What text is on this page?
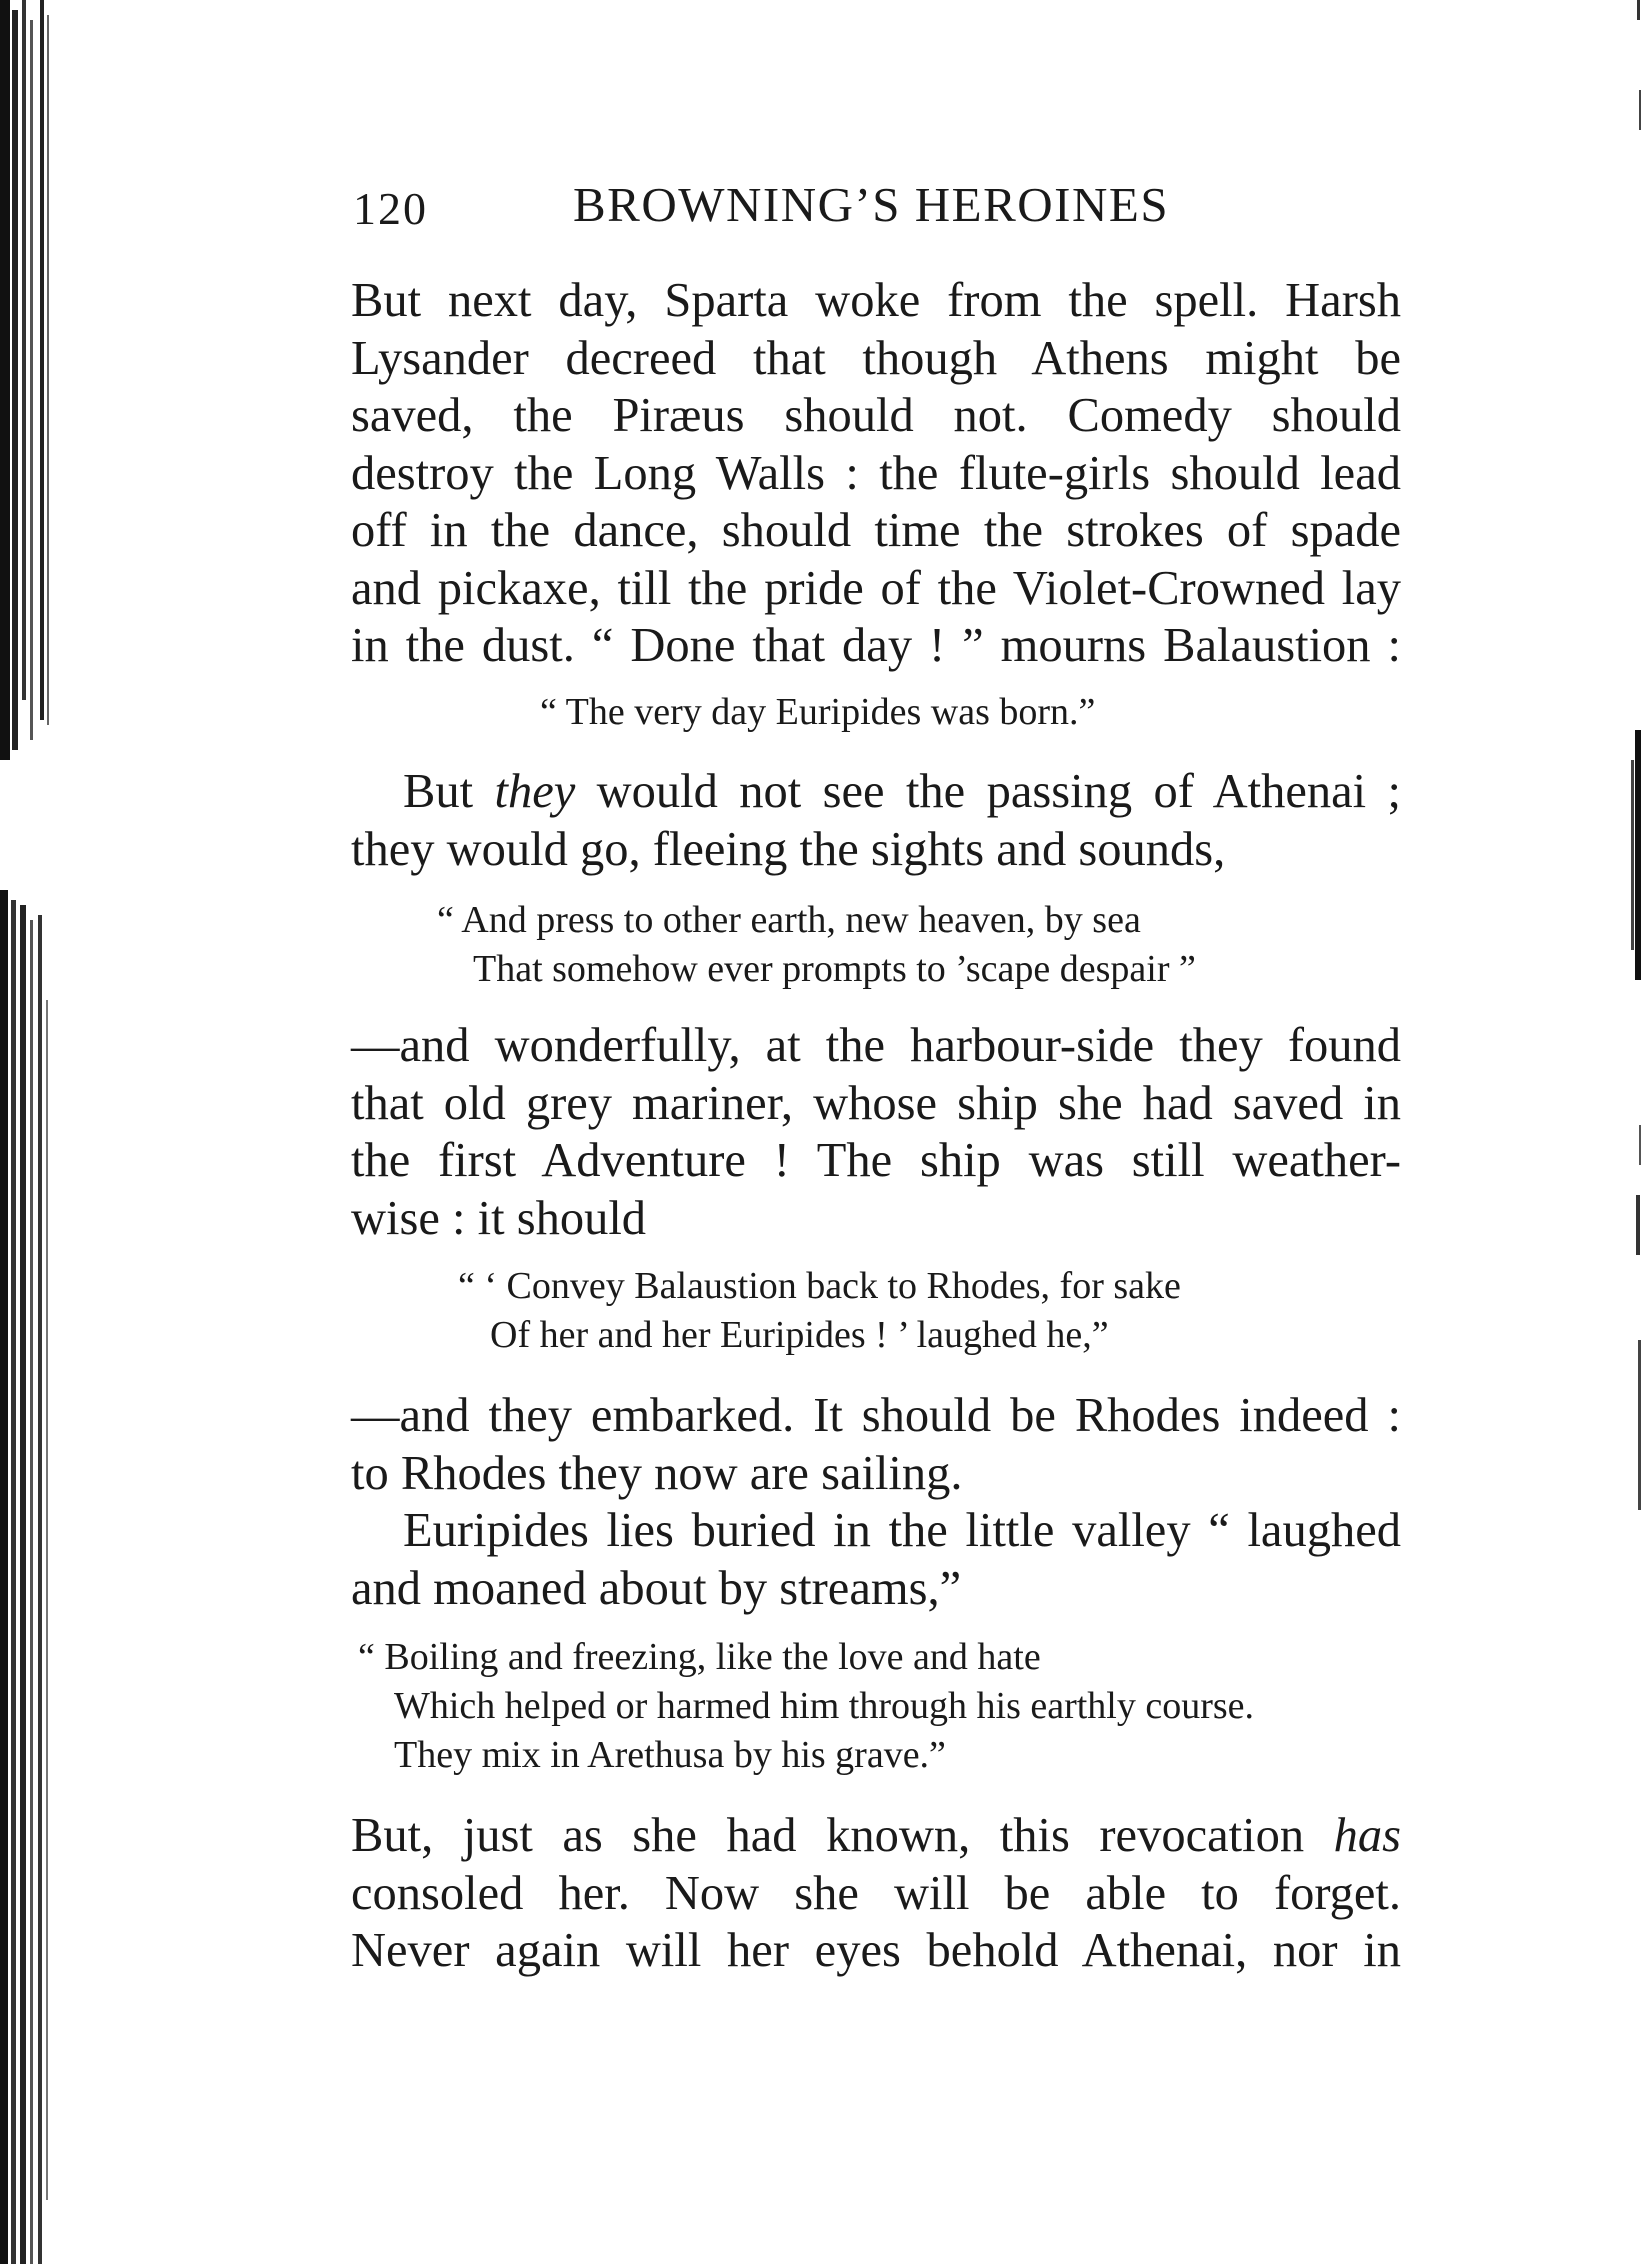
120	BROWNING’S HEROINES
But next day, Sparta woke from the spell. Harsh
Lysander decreed that though Athens might be
saved, the Piræus should not. Comedy should
destroy the Long Walls : the flute-girls should lead
off in the dance, should time the strokes of spade
and pickaxe, till the pride of the Violet-Crowned lay
in the dust. “ Done that day ! ” mourns Balaustion :
“ The very day Euripides was born.”
But they would not see the passing of Athenai ;
they would go, fleeing the sights and sounds,
“ And press to other earth, new heaven, by sea
That somehow ever prompts to ’scape despair ”
—and wonderfully, at the harbour-side they found
that old grey mariner, whose ship she had saved in
the first Adventure ! The ship was still weather-
wise : it should
“ ‘ Convey Balaustion back to Rhodes, for sake
Of her and her Euripides ! ’ laughed he,”
—and they embarked. It should be Rhodes indeed :
to Rhodes they now are sailing.
Euripides lies buried in the little valley “ laughed
and moaned about by streams,”
“ Boiling and freezing, like the love and hate
Which helped or harmed him through his earthly course.
They mix in Arethusa by his grave.”
But, just as she had known, this revocation has
consoled her. Now she will be able to forget.
Never again will her eyes behold Athenai, nor in
